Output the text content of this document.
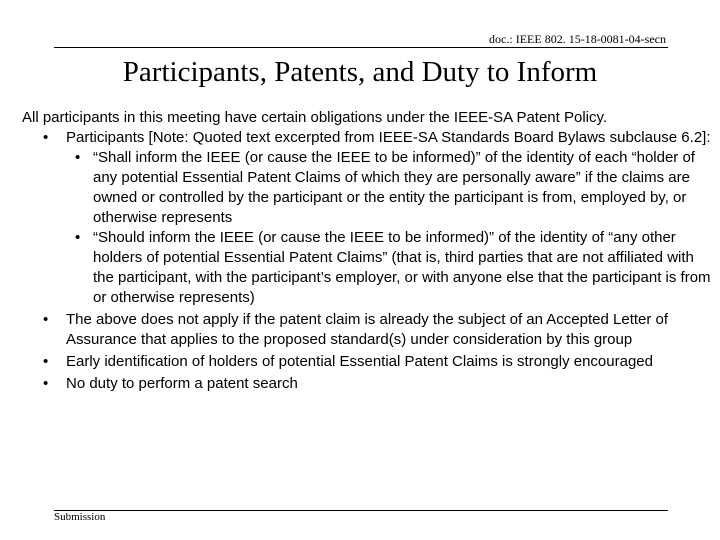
doc.: IEEE 802. 15-18-0081-04-secn
Participants, Patents, and Duty to Inform
All participants in this meeting have certain obligations under the IEEE-SA Patent Policy.
• Participants [Note: Quoted text excerpted from IEEE-SA Standards Board Bylaws subclause 6.2]:
• “Shall inform the IEEE (or cause the IEEE to be informed)” of the identity of each “holder of any potential Essential Patent Claims of which they are personally aware” if the claims are owned or controlled by the participant or the entity the participant is from, employed by, or otherwise represents
• “Should inform the IEEE (or cause the IEEE to be informed)” of the identity of “any other holders of potential Essential Patent Claims” (that is, third parties that are not affiliated with the participant, with the participant’s employer, or with anyone else that the participant is from or otherwise represents)
• The above does not apply if the patent claim is already the subject of an Accepted Letter of Assurance that applies to the proposed standard(s) under consideration by this group
• Early identification of holders of potential Essential Patent Claims is strongly encouraged
• No duty to perform a patent search
Submission
